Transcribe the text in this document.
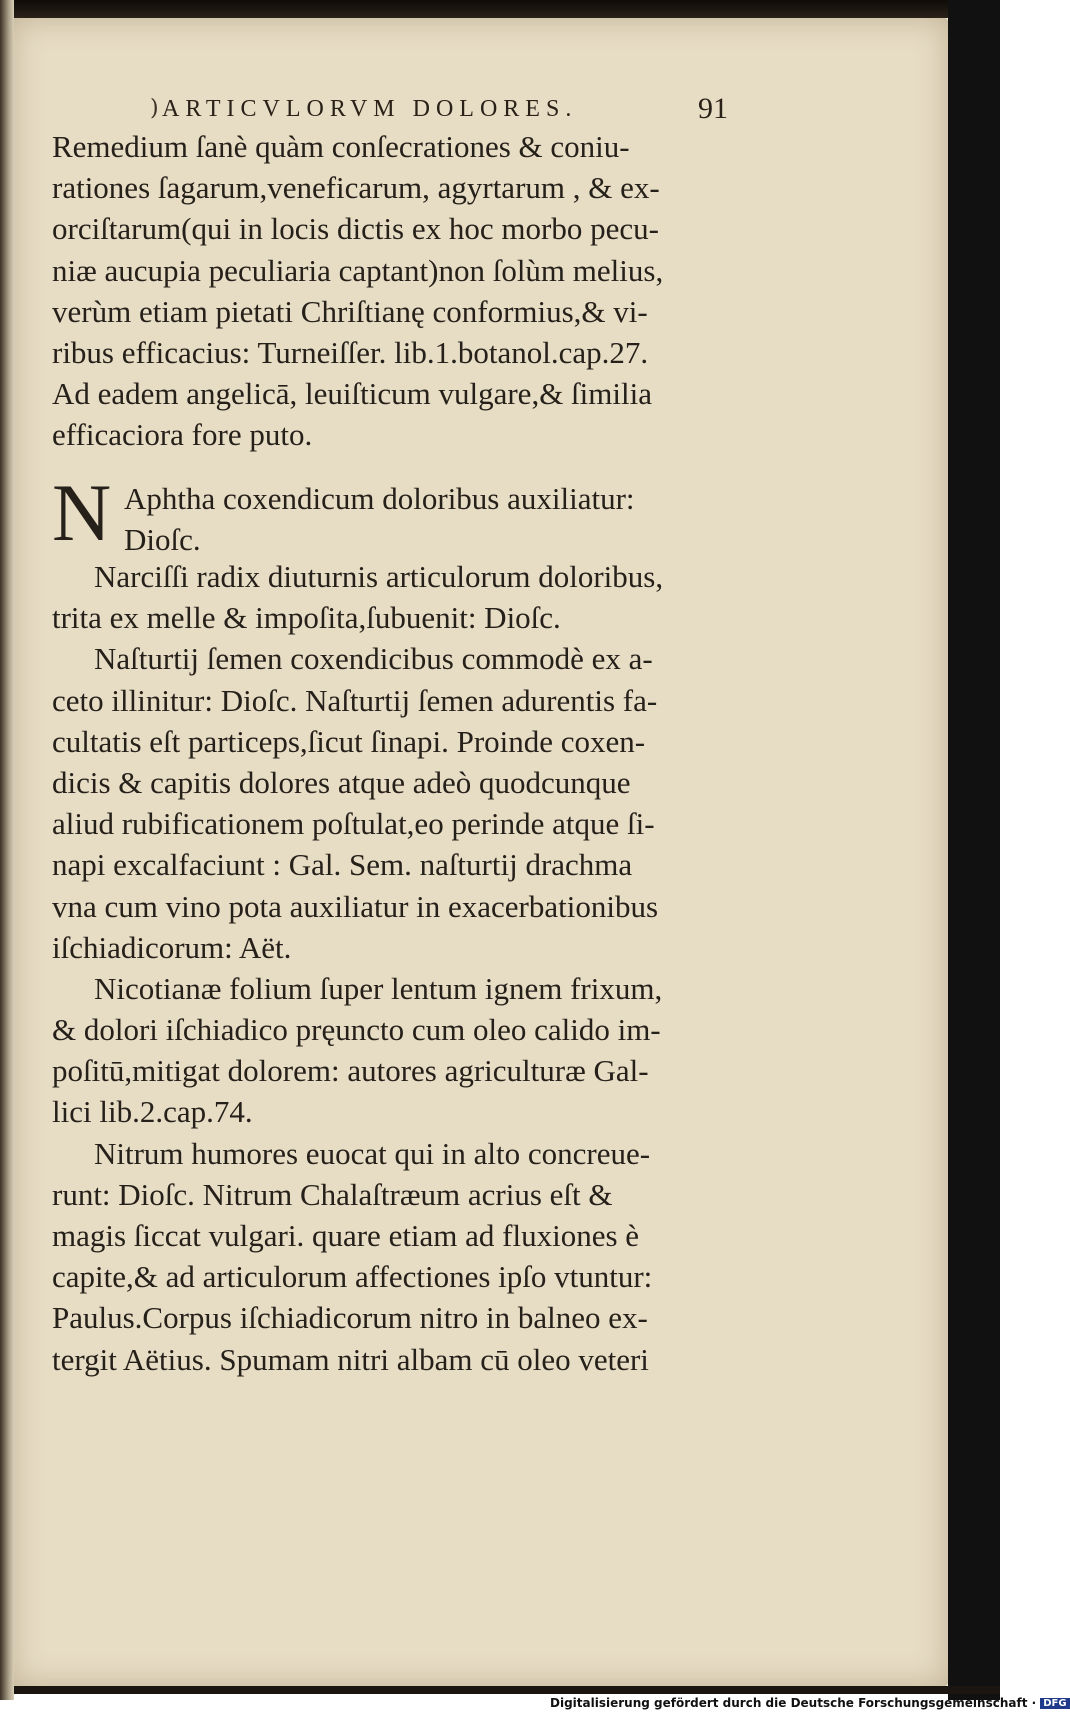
) ARTICVLORVM DOLORES.	91
Remedium ſanè quàm conſecrationes & coniu-
rationes ſagarum,veneficarum, agyrtarum , & ex-
orciſtarum(qui in locis dictis ex hoc morbo pecu-
niæ aucupia peculiaria captant)non ſolùm melius,
verùm etiam pietati Chriſtianę conformius,& vi-
ribus efficacius: Turneiſſer. lib.1.botanol.cap.27.
Ad eadem angelicā, leuiſticum vulgare,& ſimilia
efficaciora fore puto.
N Aphtha coxendicum doloribus auxiliatur:
Dioſc.
Narciſſi radix diuturnis articulorum doloribus,
trita ex melle & impoſita,ſubuenit: Dioſc.
Naſturtij ſemen coxendicibus commodè ex a-
ceto illinitur: Dioſc. Naſturtij ſemen adurentis fa-
cultatis eſt particeps,ſicut ſinapi. Proinde coxen-
dicis & capitis dolores atque adeò quodcunque
aliud rubificationem poſtulat,eo perinde atque ſi-
napi excalfaciunt : Gal. Sem. naſturtij drachma
vna cum vino pota auxiliatur in exacerbationibus
iſchiadicorum: Aët.
Nicotianæ folium ſuper lentum ignem frixum,
& dolori iſchiadico pręuncto cum oleo calido im-
poſitū,mitigat dolorem: autores agriculturæ Gal-
lici lib.2.cap.74.
Nitrum humores euocat qui in alto concreue-
runt: Dioſc. Nitrum Chalaſtræum acrius eſt &
magis ſiccat vulgari. quare etiam ad fluxiones è
capite,& ad articulorum affectiones ipſo vtuntur:
Paulus.Corpus iſchiadicorum nitro in balneo ex-
tergit Aëtius. Spumam nitri albam cū oleo veteri
Digitalisierung gefördert durch die Deutsche Forschungsgemeinschaft · DFG
